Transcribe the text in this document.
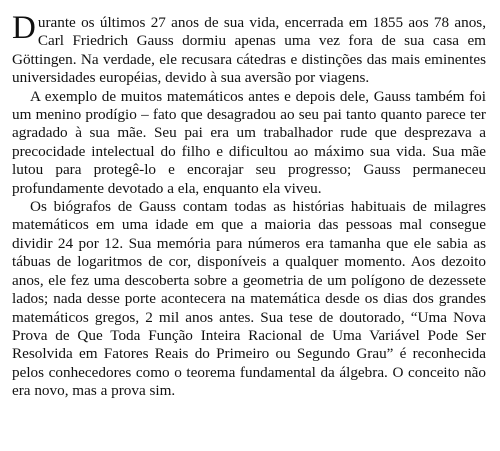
Durante os últimos 27 anos de sua vida, encerrada em 1855 aos 78 anos, Carl Friedrich Gauss dormiu apenas uma vez fora de sua casa em Göttingen. Na verdade, ele recusara cátedras e distinções das mais eminentes universidades européias, devido à sua aversão por viagens.

A exemplo de muitos matemáticos antes e depois dele, Gauss também foi um menino prodígio – fato que desagradou ao seu pai tanto quanto parece ter agradado à sua mãe. Seu pai era um trabalhador rude que desprezava a precocidade intelectual do filho e dificultou ao máximo sua vida. Sua mãe lutou para protegê-lo e encorajar seu progresso; Gauss permaneceu profundamente devotado a ela, enquanto ela viveu.

Os biógrafos de Gauss contam todas as histórias habituais de milagres matemáticos em uma idade em que a maioria das pessoas mal consegue dividir 24 por 12. Sua memória para números era tamanha que ele sabia as tábuas de logaritmos de cor, disponíveis a qualquer momento. Aos dezoito anos, ele fez uma descoberta sobre a geometria de um polígono de dezessete lados; nada desse porte acontecera na matemática desde os dias dos grandes matemáticos gregos, 2 mil anos antes. Sua tese de doutorado, “Uma Nova Prova de Que Toda Função Inteira Racional de Uma Variável Pode Ser Resolvida em Fatores Reais do Primeiro ou Segundo Grau” é reconhecida pelos conhecedores como o teorema fundamental da álgebra. O conceito não era novo, mas a prova sim.
